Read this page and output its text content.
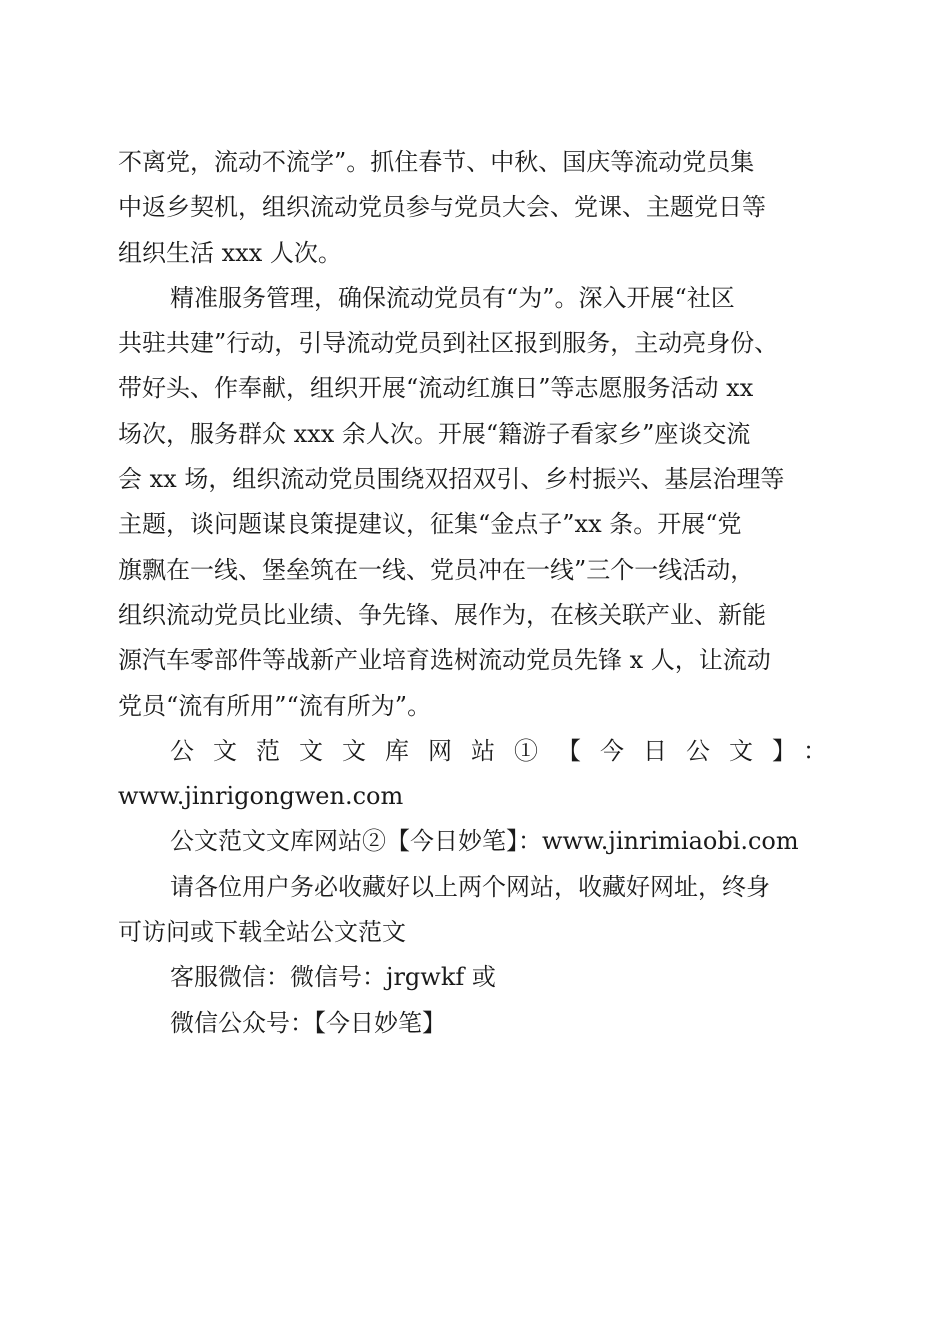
不离党，流动不流学”。抓住春节、中秋、国庆等流动党员集
中返乡契机，组织流动党员参与党员大会、党课、主题党日等
组织生活 xxx 人次。
精准服务管理，确保流动党员有“为”。深入开展“社区
共驻共建”行动，引导流动党员到社区报到服务，主动亮身份、
带好头、作奉献，组织开展“流动红旗日”等志愿服务活动 xx
场次，服务群众 xxx 余人次。开展“籍游子看家乡”座谈交流
会 xx 场，组织流动党员围绕双招双引、乡村振兴、基层治理等
主题，谈问题谋良策提建议，征集“金点子”xx 条。开展“党
旗飘在一线、堡垒筑在一线、党员冲在一线”三个一线活动，
组织流动党员比业绩、争先锋、展作为，在核关联产业、新能
源汽车零部件等战新产业培育选树流动党员先锋 x 人，让流动
党员“流有所用”“流有所为”。
公文范文文库网站①【今日公文】：
www.jinrigongwen.com
公文范文文库网站②【今日妙笔】：www.jinrimiaobi.com
请各位用户务必收藏好以上两个网站，收藏好网址，终身
可访问或下载全站公文范文
客服微信：微信号：jrgwkf 或
微信公众号：【今日妙笔】
